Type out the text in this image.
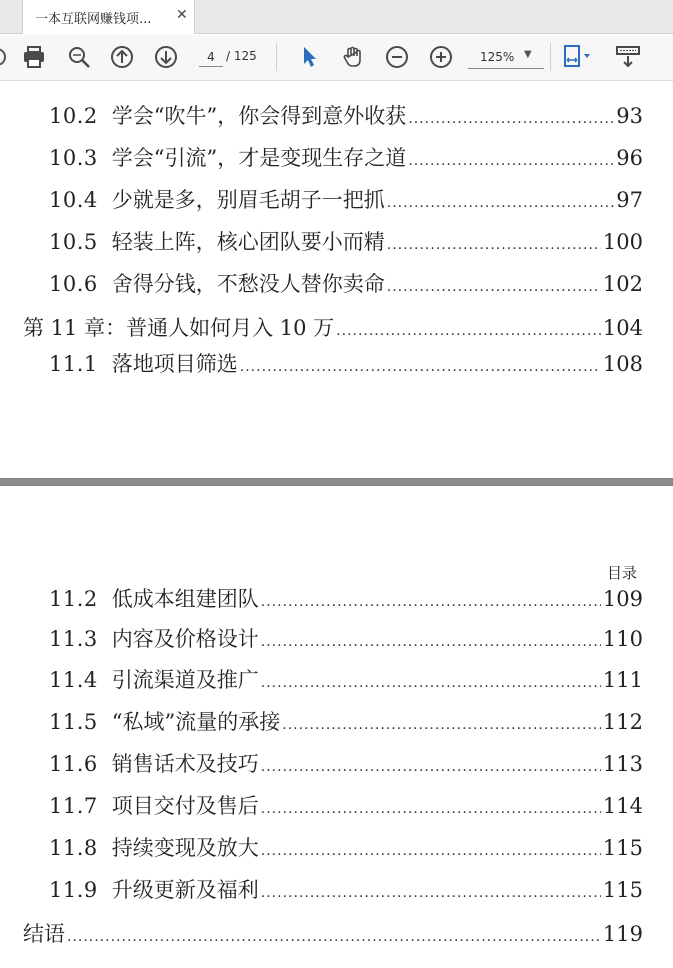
一本互联网赚钱项... ✕
4
/ 125	125% ▼
10.2 学会“吹牛”，你会得到意外收获 .....	93
10.3 学会“引流”，才是变现生存之道 .....	96
10.4 少就是多，别眉毛胡子一把抓 .....	97
10.5 轻装上阵，核心团队要小而精 .....	100
10.6 舍得分钱，不愁没人替你卖命 .....	102
第 11 章：普通人如何月入 10 万 .....	104
11.1 落地项目筛选 .....	108
目录
11.2 低成本组建团队 .....	109
11.3 内容及价格设计 .....	110
11.4 引流渠道及推广 .....	111
11.5 “私域”流量的承接 .....	112
11.6 销售话术及技巧 .....	113
11.7 项目交付及售后 .....	114
11.8 持续变现及放大 .....	115
11.9 升级更新及福利 .....	115
结语 .....	119
